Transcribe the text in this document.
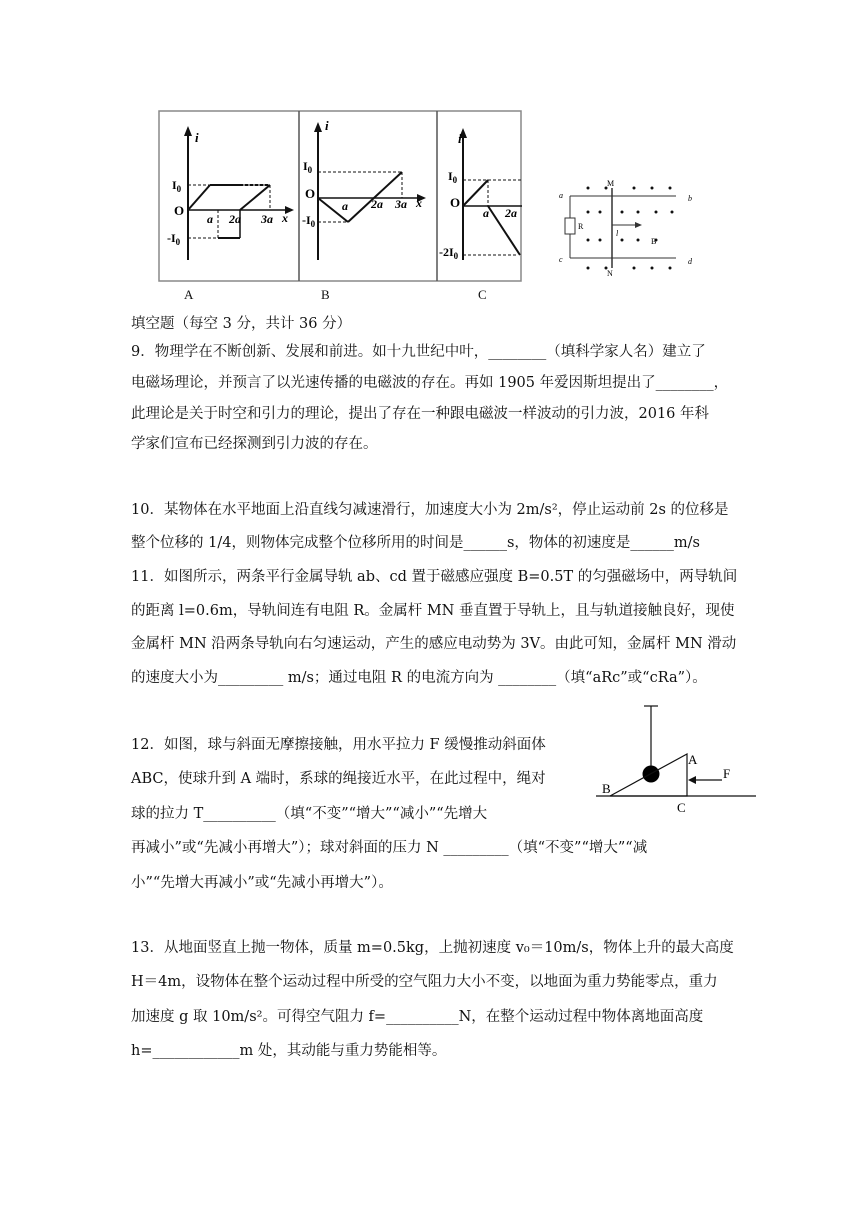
i
$I_0$
O
$-I_0$
a 2a 3a x
i
$I_0$
O
$-I_0$
a 2a 3a x
i
$I_0$
O
$-2I_0$
a 2a
A	B	C
M
N
a	b
c	d
R
l
B
A
B
C
F
填空题（每空 3 分，共计 36 分）
9．物理学在不断创新、发展和前进。如十九世纪中叶，________（填科学家人名）建立了
电磁场理论，并预言了以光速传播的电磁波的存在。再如 1905 年爱因斯坦提出了________，
此理论是关于时空和引力的理论，提出了存在一种跟电磁波一样波动的引力波，2016 年科
学家们宣布已经探测到引力波的存在。
10．某物体在水平地面上沿直线匀减速滑行，加速度大小为 2m/s²，停止运动前 2s 的位移是
整个位移的 1/4，则物体完成整个位移所用的时间是______s，物体的初速度是______m/s
11．如图所示，两条平行金属导轨 ab、cd 置于磁感应强度 B=0.5T 的匀强磁场中，两导轨间
的距离 l=0.6m，导轨间连有电阻 R。金属杆 MN 垂直置于导轨上，且与轨道接触良好，现使
金属杆 MN 沿两条导轨向右匀速运动，产生的感应电动势为 3V。由此可知，金属杆 MN 滑动
的速度大小为_________ m/s；通过电阻 R 的电流方向为 ________（填“aRc”或“cRa”）。
12．如图，球与斜面无摩擦接触，用水平拉力 F 缓慢推动斜面体
ABC，使球升到 A 端时，系球的绳接近水平，在此过程中，绳对
球的拉力 T__________（填“不变”“增大”“减小”“先增大
再减小”或“先减小再增大”）；球对斜面的压力 N _________（填“不变”“增大”“减
小”“先增大再减小”或“先减小再增大”）。
13．从地面竖直上抛一物体，质量 m=0.5kg，上抛初速度 v₀＝10m/s，物体上升的最大高度
H＝4m，设物体在整个运动过程中所受的空气阻力大小不变，以地面为重力势能零点，重力
加速度 g 取 10m/s²。可得空气阻力 f=__________N，在整个运动过程中物体离地面高度
h=____________m 处，其动能与重力势能相等。
